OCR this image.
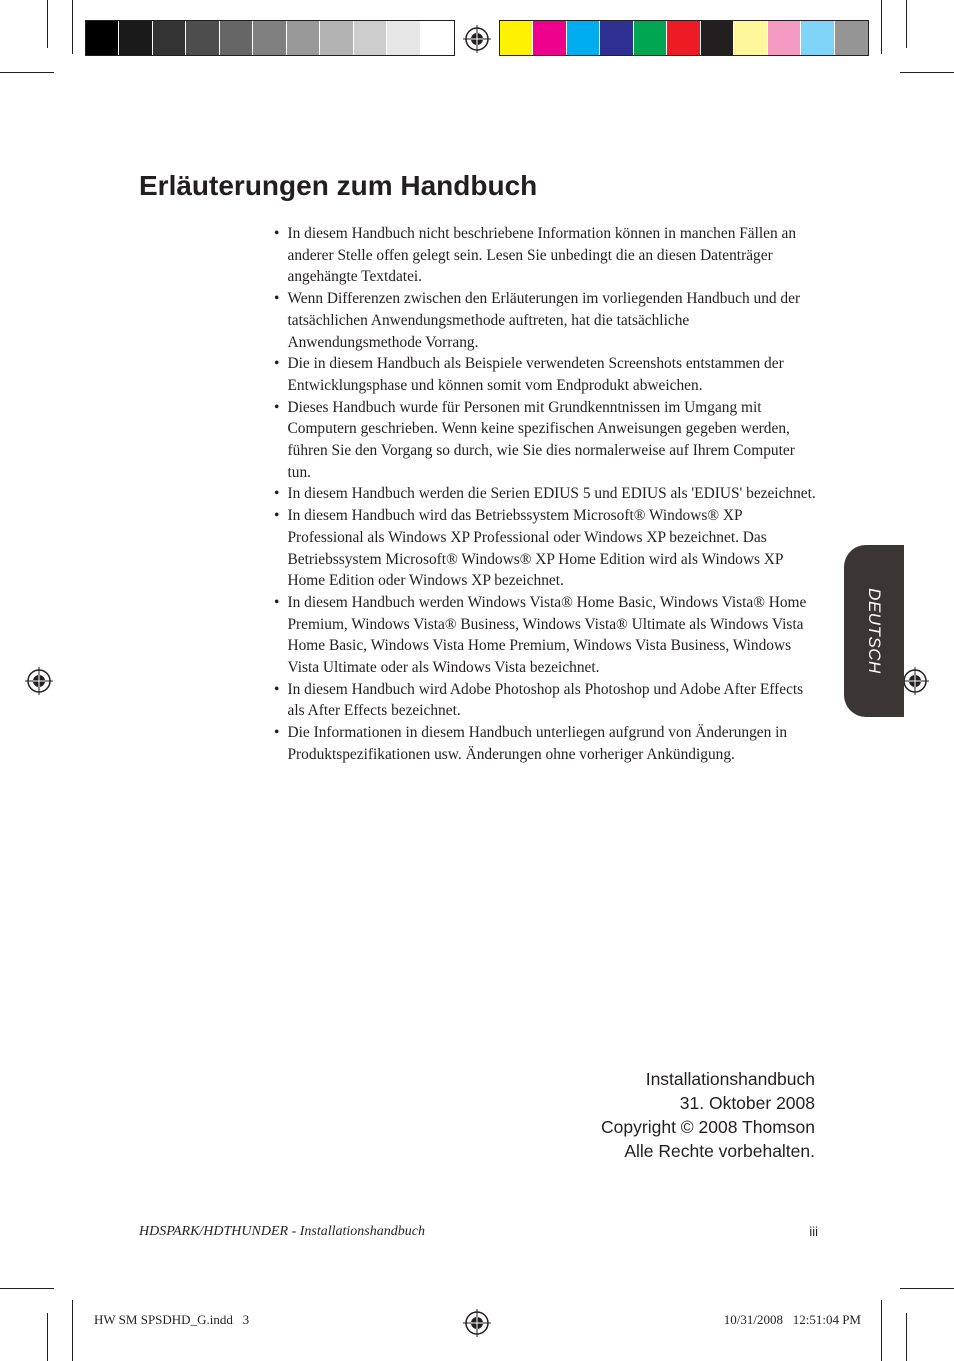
Erläuterungen zum Handbuch
• In diesem Handbuch nicht beschriebene Information können in manchen Fällen an anderer Stelle offen gelegt sein. Lesen Sie unbedingt die an diesen Datenträger angehängte Textdatei.
• Wenn Differenzen zwischen den Erläuterungen im vorliegenden Handbuch und der tatsächlichen Anwendungsmethode auftreten, hat die tatsächliche Anwendungsmethode Vorrang.
• Die in diesem Handbuch als Beispiele verwendeten Screenshots entstammen der Entwicklungsphase und können somit vom Endprodukt abweichen.
• Dieses Handbuch wurde für Personen mit Grundkenntnissen im Umgang mit Computern geschrieben. Wenn keine spezifischen Anweisungen gegeben werden, führen Sie den Vorgang so durch, wie Sie dies normalerweise auf Ihrem Computer tun.
• In diesem Handbuch werden die Serien EDIUS 5 und EDIUS als 'EDIUS' bezeichnet.
• In diesem Handbuch wird das Betriebssystem Microsoft® Windows® XP Professional als Windows XP Professional oder Windows XP bezeichnet. Das Betriebssystem Microsoft® Windows® XP Home Edition wird als Windows XP Home Edition oder Windows XP bezeichnet.
• In diesem Handbuch werden Windows Vista® Home Basic, Windows Vista® Home Premium, Windows Vista® Business, Windows Vista® Ultimate als Windows Vista Home Basic, Windows Vista Home Premium, Windows Vista Business, Windows Vista Ultimate oder als Windows Vista bezeichnet.
• In diesem Handbuch wird Adobe Photoshop als Photoshop und Adobe After Effects als After Effects bezeichnet.
• Die Informationen in diesem Handbuch unterliegen aufgrund von Änderungen in Produktspezifikationen usw. Änderungen ohne vorheriger Ankündigung.
DEUTSCH
Installationshandbuch
31. Oktober 2008
Copyright © 2008 Thomson
Alle Rechte vorbehalten.
HDSPARK/HDTHUNDER - Installationshandbuch	iii
HW SM SPSDHD_G.indd   3	10/31/2008   12:51:04 PM
